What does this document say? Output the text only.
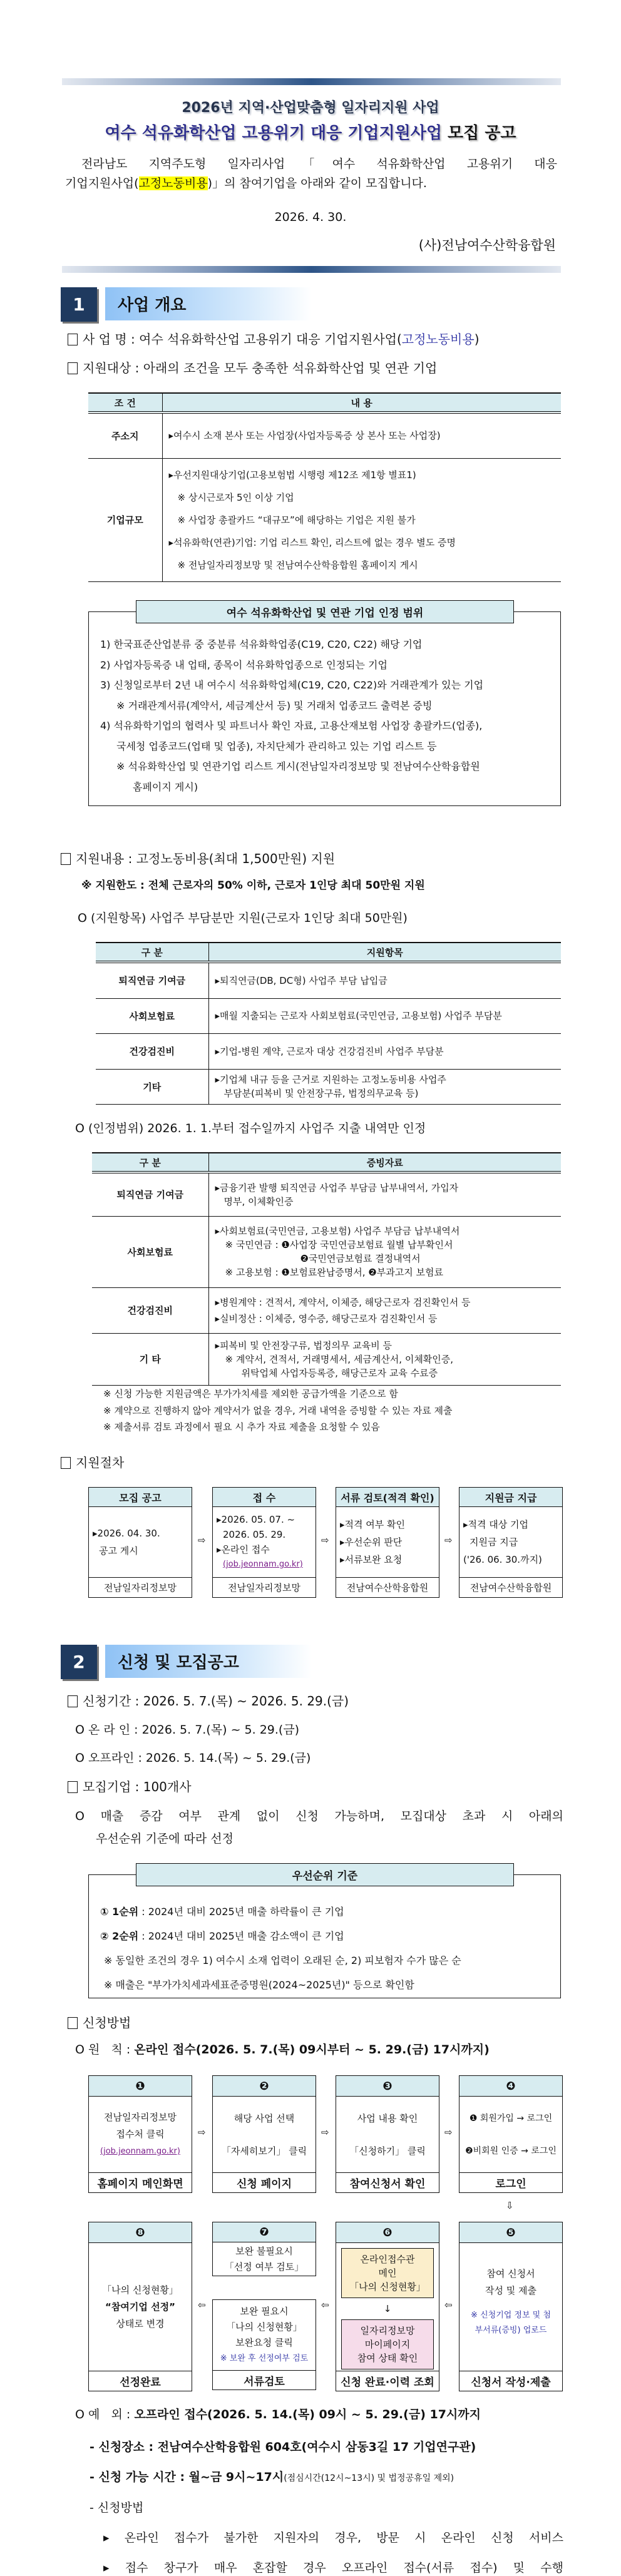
2026년 지역·산업맞춤형 일자리지원 사업
여수 석유화학산업 고용위기 대응 기업지원사업 모집 공고
전라남도 지역주도형 일자리사업「여수 석유화학산업 고용위기 대응
기업지원사업(고정노동비용)」의 참여기업을 아래와 같이 모집합니다.
2026. 4. 30.
(사)전남여수산학융합원
1	사업 개요
사 업 명 : 여수 석유화학산업 고용위기 대응 기업지원사업(고정노동비용)
지원대상 : 아래의 조건을 모두 충족한 석유화학산업 및 연관 기업
조 건	내 용
주소지	▸여수시 소재 본사 또는 사업장(사업자등록증 상 본사 또는 사업장)

기업규모	▸우선지원대상기업(고용보험법 시행령 제12조 제1항 별표1)
※ 상시근로자 5인 이상 기업
※ 사업장 총괄카드 “대규모”에 해당하는 기업은 지원 불가
▸석유화학(연관)기업: 기업 리스트 확인, 리스트에 없는 경우 별도 증명
※ 전남일자리정보망 및 전남여수산학융합원 홈페이지 게시
여수 석유화학산업 및 연관 기업 인정 범위
1) 한국표준산업분류 중 중분류 석유화학업종(C19, C20, C22) 해당 기업
2) 사업자등록증 내 업태, 종목이 석유화학업종으로 인정되는 기업
3) 신청일로부터 2년 내 여수시 석유화학업체(C19, C20, C22)와 거래관계가 있는 기업
※ 거래관계서류(계약서, 세금계산서 등) 및 거래처 업종코드 출력본 증빙
4) 석유화학기업의 협력사 및 파트너사 확인 자료, 고용산재보험 사업장 총괄카드(업종),
국세청 업종코드(업태 및 업종), 자치단체가 관리하고 있는 기업 리스트 등
※ 석유화학산업 및 연관기업 리스트 게시(전남일자리정보망 및 전남여수산학융합원
홈페이지 게시)
지원내용 : 고정노동비용(최대 1,500만원) 지원
※ 지원한도 : 전체 근로자의 50% 이하, 근로자 1인당 최대 50만원 지원
O (지원항목) 사업주 부담분만 지원(근로자 1인당 최대 50만원)
구 분	지원항목
퇴직연금 기여금	▸퇴직연금(DB, DC형) 사업주 부담 납입금

사회보험료	▸매월 지출되는 근로자 사회보험료(국민연금, 고용보험) 사업주 부담분

건강검진비	▸기업-병원 계약, 근로자 대상 건강검진비 사업주 부담분

기타	▸기업체 내규 등을 근거로 지원하는 고정노동비용 사업주
부담분(피복비 및 안전장구류, 법정의무교육 등)
O (인정범위) 2026. 1. 1.부터 접수일까지 사업주 지출 내역만 인정
구 분	증빙자료
퇴직연금 기여금	▸금융기관 발행 퇴직연금 사업주 부담금 납부내역서, 가입자
명부, 이체확인증

사회보험료	▸사회보험료(국민연금, 고용보험) 사업주 부담금 납부내역서
※ 국민연금 : ❶사업장 국민연금보험료 월별 납부확인서
❷국민연금보험료 결정내역서
※ 고용보험 : ❶보험료완납증명서, ❷부과고지 보험료

건강검진비	▸병원계약 : 견적서, 계약서, 이체증, 해당근로자 검진확인서 등
▸실비정산 : 이체증, 영수증, 해당근로자 검진확인서 등

기 타	▸피복비 및 안전장구류, 법정의무 교육비 등
※ 계약서, 견적서, 거래명세서, 세금계산서, 이체확인증,
위탁업체 사업자등록증, 해당근로자 교육 수료증
※ 신청 가능한 지원금액은 부가가치세를 제외한 공급가액을 기준으로 함
※ 계약으로 진행하지 않아 계약서가 없을 경우, 거래 내역을 증빙할 수 있는 자료 제출
※ 제출서류 검토 과정에서 필요 시 추가 자료 제출을 요청할 수 있음
지원절차
모집 공고
▸2026. 04. 30.
공고 게시
전남일자리정보망
⇨
접 수
▸2026. 05. 07. ~
2026. 05. 29.
▸온라인 접수
(job.jeonnam.go.kr)
전남일자리정보망
⇨
서류 검토(적격 확인)
▸적격 여부 확인
▸우선순위 판단
▸서류보완 요청
전남여수산학융합원
⇨
지원금 지급
▸적격 대상 기업
지원금 지급
('26. 06. 30.까지)
전남여수산학융합원
2	신청 및 모집공고
신청기간 : 2026. 5. 7.(목) ~ 2026. 5. 29.(금)
O 온 라 인 : 2026. 5. 7.(목) ~ 5. 29.(금)
O 오프라인 : 2026. 5. 14.(목) ~ 5. 29.(금)
모집기업 : 100개사
O 매출 증감 여부 관계 없이 신청 가능하며, 모집대상 초과 시 아래의
우선순위 기준에 따라 선정
우선순위 기준
① 1순위 : 2024년 대비 2025년 매출 하락률이 큰 기업
② 2순위 : 2024년 대비 2025년 매출 감소액이 큰 기업
※ 동일한 조건의 경우 1) 여수시 소재 업력이 오래된 순, 2) 피보험자 수가 많은 순
※ 매출은 "부가가치세과세표준증명원(2024~2025년)" 등으로 확인함
신청방법
O 원   칙 : 온라인 접수(2026. 5. 7.(목) 09시부터 ~ 5. 29.(금) 17시까지)
❶
전남일자리정보망
접수처 클릭
(job.jeonnam.go.kr)
홈페이지 메인화면
⇨
❷
해당 사업 선택
「자세히보기」 클릭
신청 페이지
⇨
❸
사업 내용 확인
「신청하기」 클릭
참여신청서 확인
⇨
❹
❶ 회원가입 → 로그인
❷비회원 인증 → 로그인
로그인
⇩
❽
「나의 신청현황」
“참여기업 선정”
상태로 변경
선정완료
⇦
❼
보완 불필요시
「선정 여부 검토」
보완 필요시
「나의 신청현황」
보완요청 클릭
※ 보완 후 선정여부 검토
서류검토
⇦
❻
온라인접수관
메인
「나의 신청현황」
↓
일자리정보망
마이페이지
참여 상태 확인
신청 완료·이력 조회
⇦
❺
참여 신청서
작성 및 제출
※ 신청기업 정보 및 첨부서류(증빙) 업로드
신청서 작성·제출
O 예   외 : 오프라인 접수(2026. 5. 14.(목) 09시 ~ 5. 29.(금) 17시까지
- 신청장소 : 전남여수산학융합원 604호(여수시 삼동3길 17 기업연구관)
- 신청 가능 시간 : 월~금 9시~17시(점심시간(12시~13시) 및 법정공휴일 제외)
- 신청방법
▸ 온라인 접수가 불가한 지원자의 경우, 방문 시 온라인 신청 서비스
▸ 접수 창구가 매우 혼잡할 경우 오프라인 접수(서류 접수) 및 수행
